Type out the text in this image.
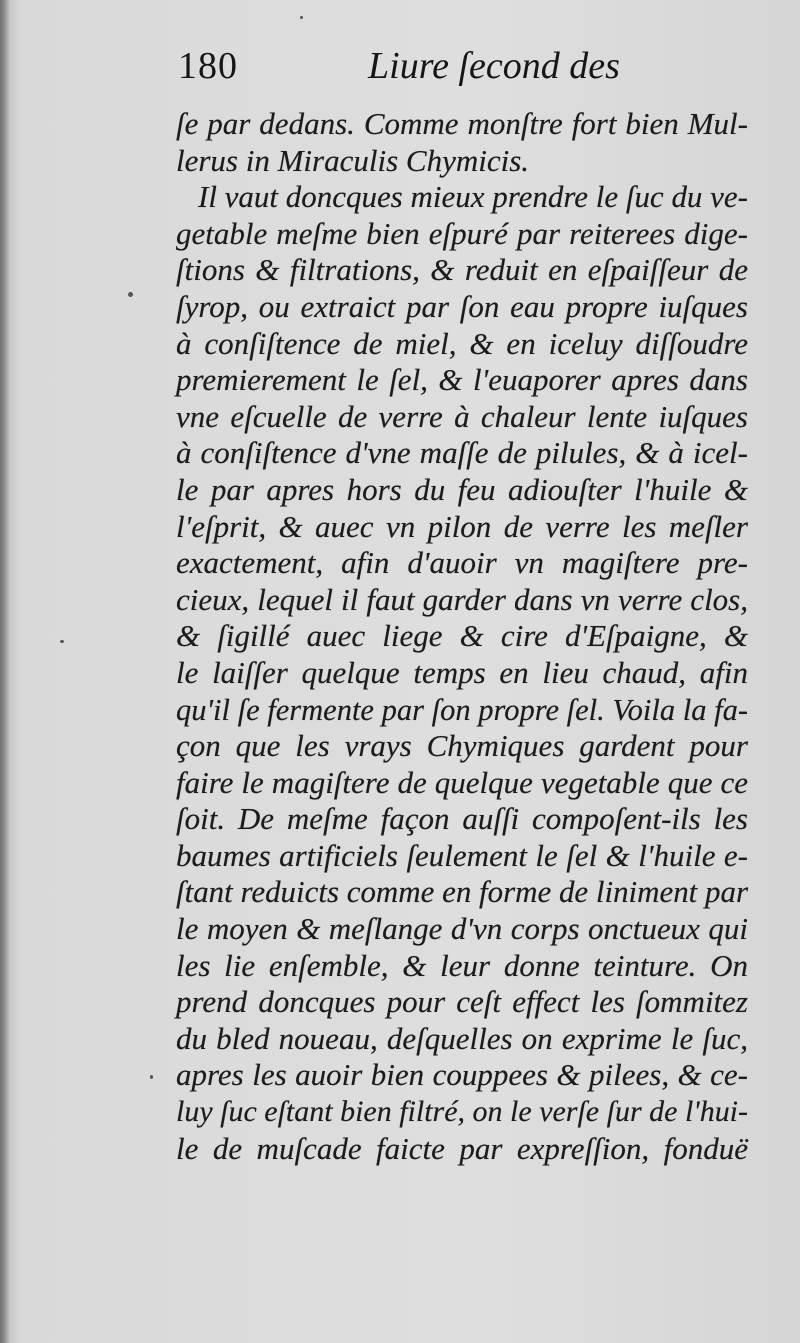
180	Liure ſecond des
ſe par dedans. Comme monſtre fort bien Mul-
lerus in Miraculis Chymicis.
Il vaut doncques mieux prendre le ſuc du ve-
getable meſme bien eſpuré par reiterees dige-
ſtions & filtrations, & reduit en eſpaiſſeur de
ſyrop, ou extraict par ſon eau propre iuſques
à conſiſtence de miel, & en iceluy diſſoudre
premierement le ſel, & l'euaporer apres dans
vne eſcuelle de verre à chaleur lente iuſques
à conſiſtence d'vne maſſe de pilules, & à icel-
le par apres hors du feu adiouſter l'huile &
l'eſprit, & auec vn pilon de verre les meſler
exactement, afin d'auoir vn magiſtere pre-
cieux, lequel il faut garder dans vn verre clos,
& ſigillé auec liege & cire d'Eſpaigne, &
le laiſſer quelque temps en lieu chaud, afin
qu'il ſe fermente par ſon propre ſel. Voila la fa-
çon que les vrays Chymiques gardent pour
faire le magiſtere de quelque vegetable que ce
ſoit. De meſme façon auſſi compoſent-ils les
baumes artificiels ſeulement le ſel & l'huile e-
ſtant reduicts comme en forme de liniment par
le moyen & meſlange d'vn corps onctueux qui
les lie enſemble, & leur donne teinture. On
prend doncques pour ceſt effect les ſommitez
du bled noueau, deſquelles on exprime le ſuc,
apres les auoir bien couppees & pilees, & ce-
luy ſuc eſtant bien filtré, on le verſe ſur de l'hui-
le de muſcade faicte par expreſſion, fonduë
